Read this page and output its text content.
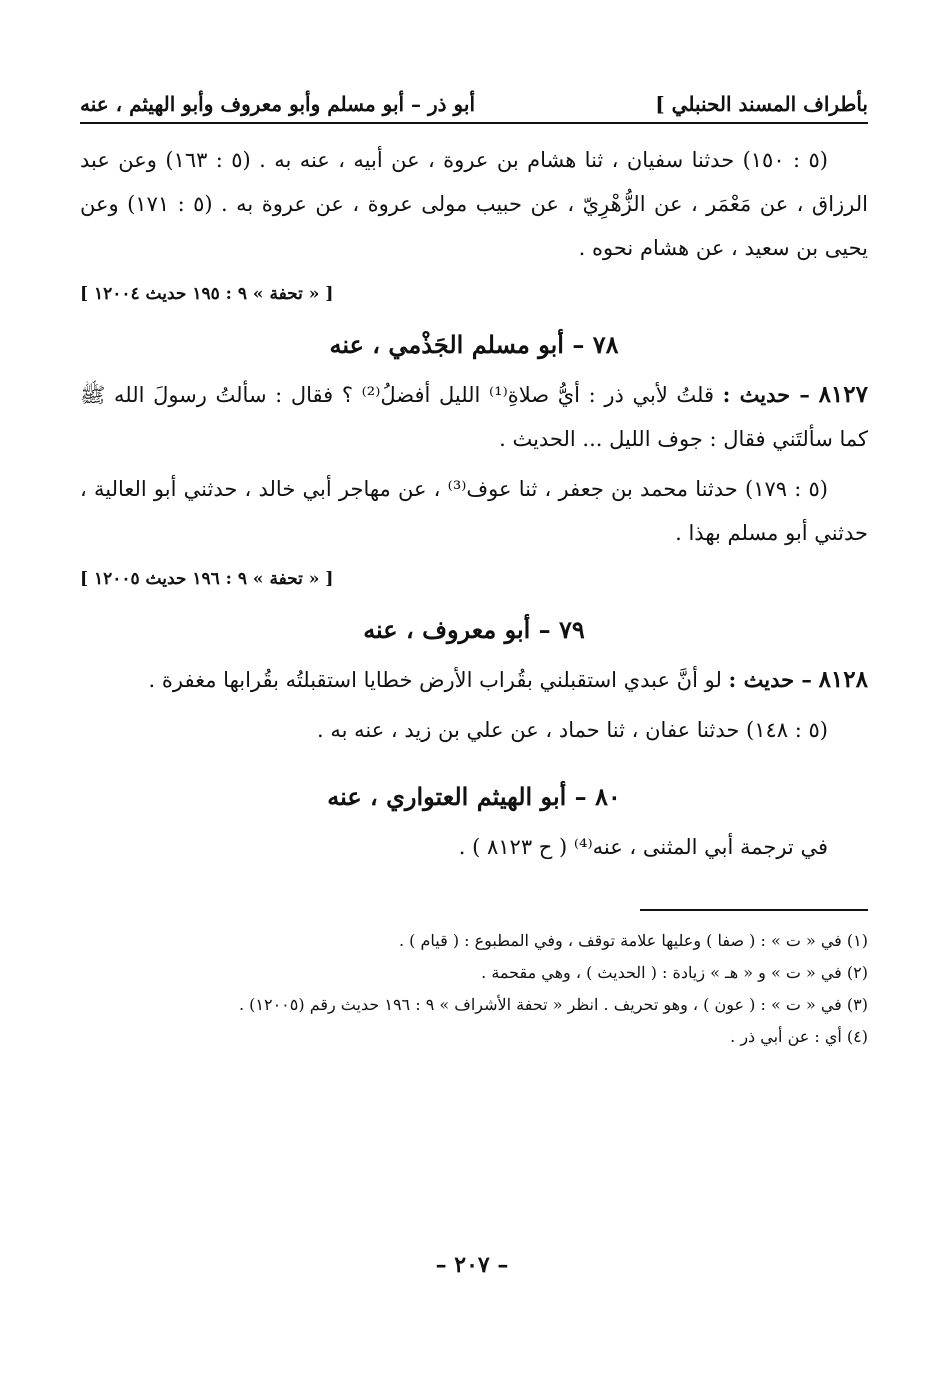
بأطراف المسند الحنبلي ]
أبو ذر – أبو مسلم وأبو معروف وأبو الهيثم ، عنه

(٥ : ١٥٠) حدثنا سفيان ، ثنا هشام بن عروة ، عن أبيه ، عنه به . (٥ : ١٦٣) وعن عبد الرزاق ، عن مَعْمَر ، عن الزُّهْرِيّ ، عن حبيب مولى عروة ، عن عروة به . (٥ : ١٧١) وعن يحيى بن سعيد ، عن هشام نحوه .

[ « تحفة » ٩ : ١٩٥ حديث ١٢٠٠٤ ]

٧٨ – أبو مسلم الجَذْمي ، عنه

٨١٢٧ – حديث : قلتُ لأبي ذر : أيُّ صلاةِ⁽¹⁾ الليل أفضلُ⁽²⁾ ؟ فقال : سألتُ رسولَ الله ﷺ كما سألتَني فقال : جوف الليل ... الحديث .

(٥ : ١٧٩) حدثنا محمد بن جعفر ، ثنا عوف⁽³⁾ ، عن مهاجر أبي خالد ، حدثني أبو العالية ، حدثني أبو مسلم بهذا .

[ « تحفة » ٩ : ١٩٦ حديث ١٢٠٠٥ ]

٧٩ – أبو معروف ، عنه

٨١٢٨ – حديث : لو أنَّ عبدي استقبلني بقُراب الأرض خطايا استقبلتُه بقُرابها مغفرة .

(٥ : ١٤٨) حدثنا عفان ، ثنا حماد ، عن علي بن زيد ، عنه به .

٨٠ – أبو الهيثم العتواري ، عنه

في ترجمة أبي المثنى ، عنه⁽⁴⁾ ( ح ٨١٢٣ ) .

(١) في « ت » : ( صفا ) وعليها علامة توقف ، وفي المطبوع : ( قيام ) .

(٢) في « ت » و « هـ » زيادة : ( الحديث ) ، وهي مقحمة .

(٣) في « ت » : ( عون ) ، وهو تحريف . انظر « تحفة الأشراف » ٩ : ١٩٦ حديث رقم (١٢٠٠٥) .

(٤) أي : عن أبي ذر .

– ٢٠٧ –
